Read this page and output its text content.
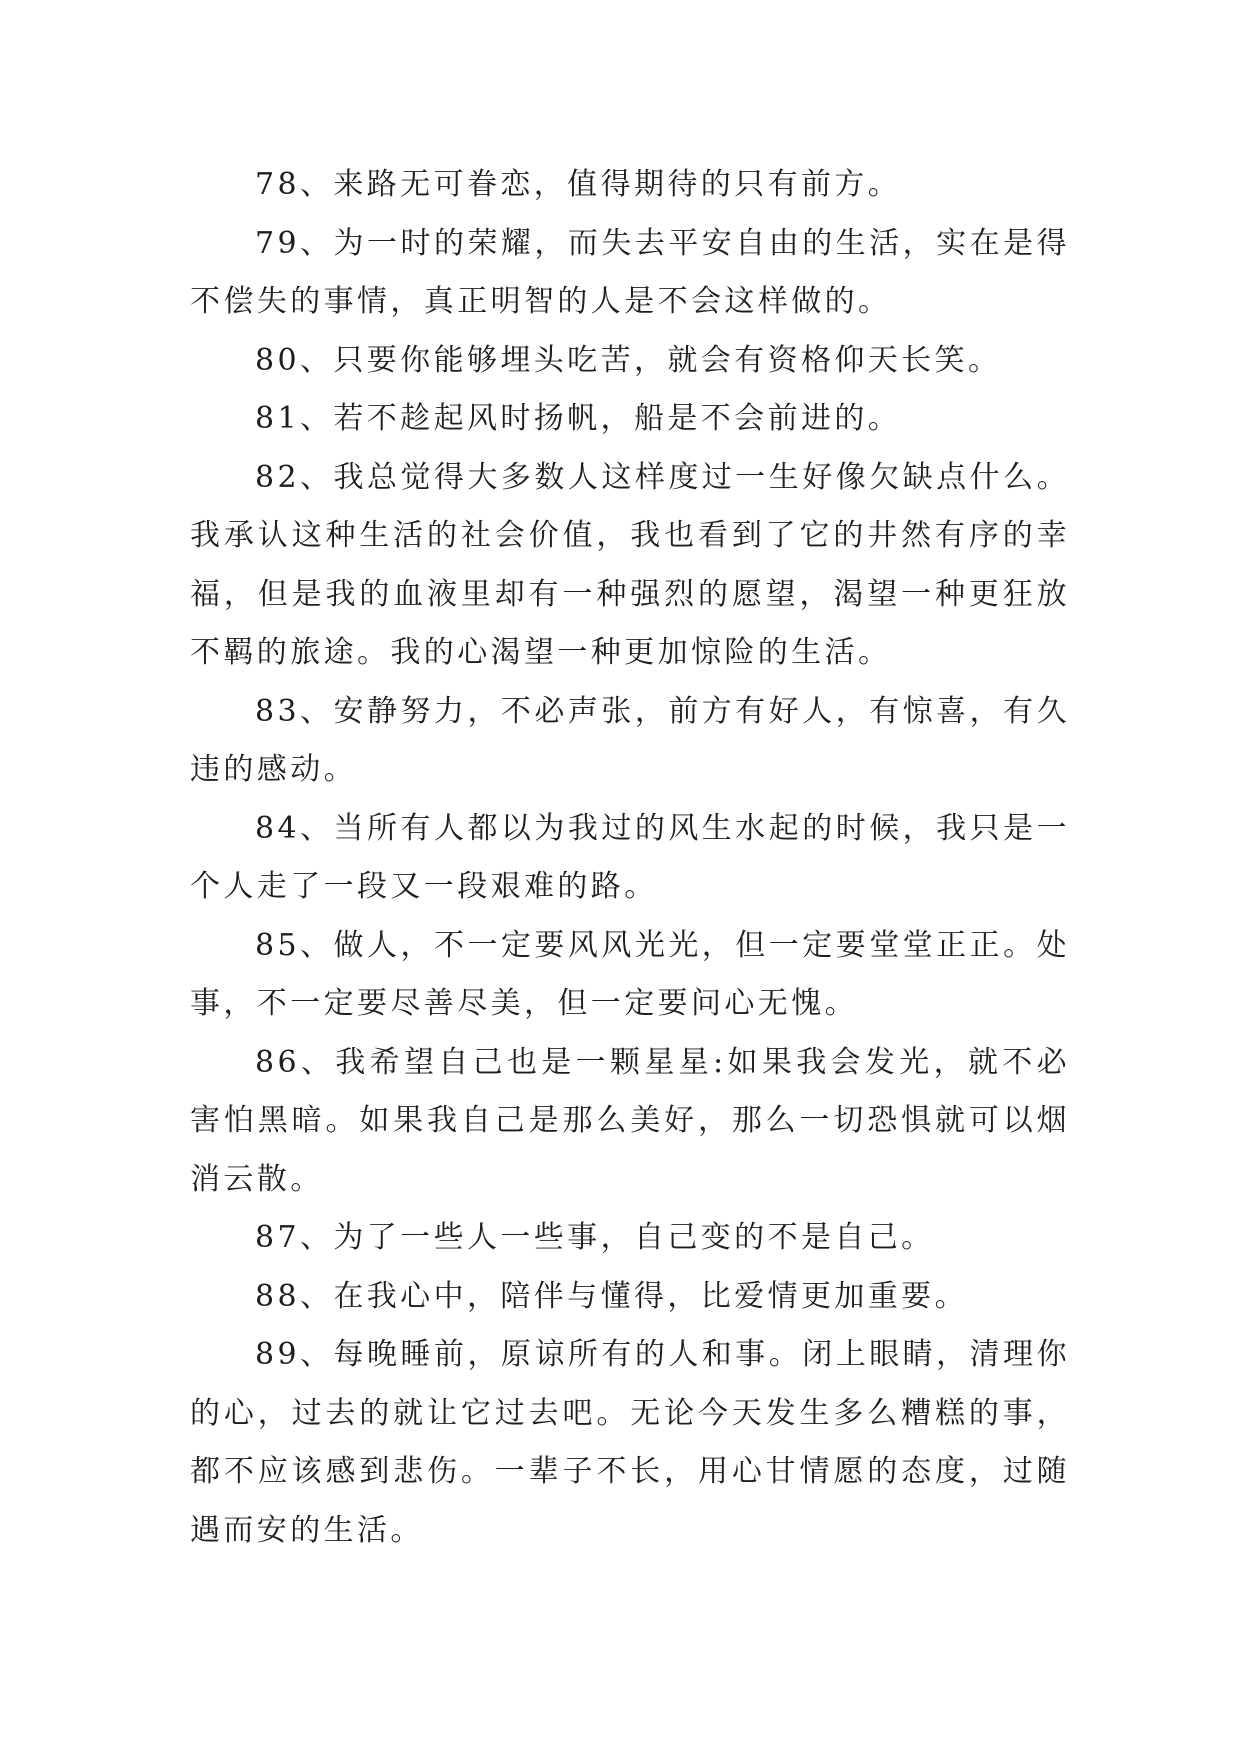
78、来路无可眷恋，值得期待的只有前方。

79、为一时的荣耀，而失去平安自由的生活，实在是得不偿失的事情，真正明智的人是不会这样做的。

80、只要你能够埋头吃苦，就会有资格仰天长笑。

81、若不趁起风时扬帆，船是不会前进的。

82、我总觉得大多数人这样度过一生好像欠缺点什么。我承认这种生活的社会价值，我也看到了它的井然有序的幸福，但是我的血液里却有一种强烈的愿望，渴望一种更狂放不羁的旅途。我的心渴望一种更加惊险的生活。

83、安静努力，不必声张，前方有好人，有惊喜，有久违的感动。

84、当所有人都以为我过的风生水起的时候，我只是一个人走了一段又一段艰难的路。

85、做人，不一定要风风光光，但一定要堂堂正正。处事，不一定要尽善尽美，但一定要问心无愧。

86、我希望自己也是一颗星星:如果我会发光，就不必害怕黑暗。如果我自己是那么美好，那么一切恐惧就可以烟消云散。

87、为了一些人一些事，自己变的不是自己。

88、在我心中，陪伴与懂得，比爱情更加重要。

89、每晚睡前，原谅所有的人和事。闭上眼睛，清理你的心，过去的就让它过去吧。无论今天发生多么糟糕的事，都不应该感到悲伤。一辈子不长，用心甘情愿的态度，过随遇而安的生活。
